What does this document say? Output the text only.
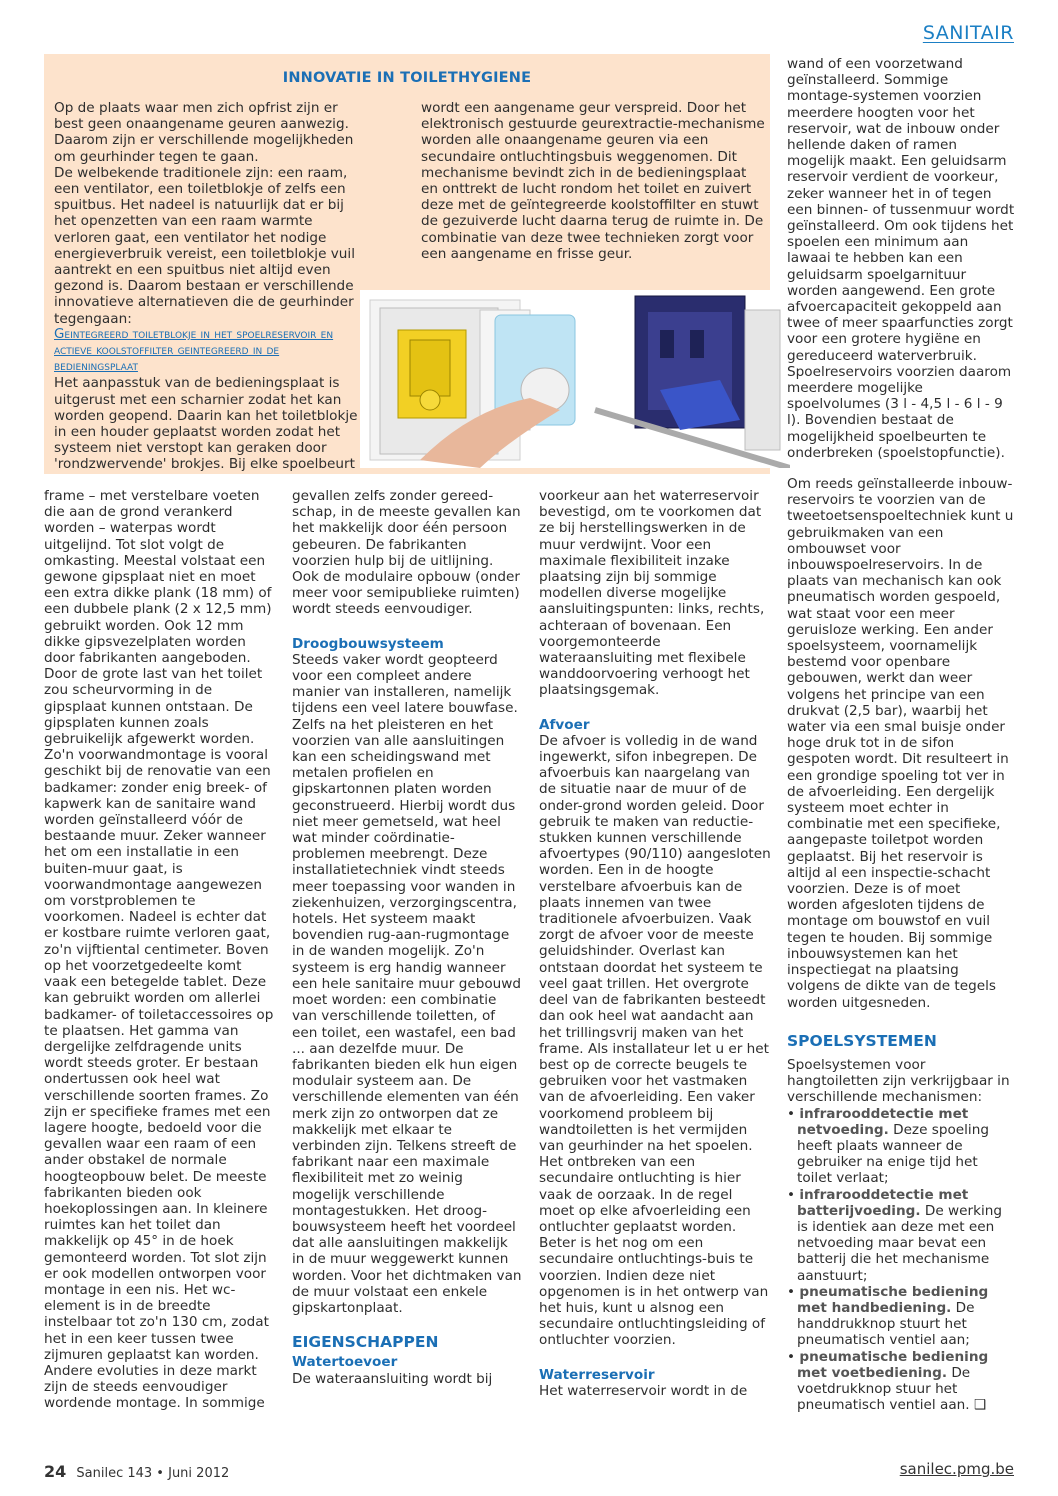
SANITAIR
INNOVATIE IN TOILETHYGIENE

Op de plaats waar men zich opfrist zijn er best geen onaangename geuren aanwezig. Daarom zijn er verschillende mogelijkheden om geurhinder tegen te gaan.

De welbekende traditionele zijn: een raam, een ventilator, een toiletblokje of zelfs een spuitbus. Het nadeel is natuurlijk dat er bij het openzetten van een raam warmte verloren gaat, een ventilator het nodige energieverbruik vereist, een toiletblokje vuil aantrekt en een spuitbus niet altijd even gezond is. Daarom bestaan er verschillende innovatieve alternatieven die de geurhinder tegengaan:

Geintegreerd toiletblokje in het spoelreservoir en actieve koolstoffilter geintegreerd in de bedieningsplaat

Het aanpasstuk van de bedieningsplaat is uitgerust met een scharnier zodat het kan worden geopend. Daarin kan het toiletblokje in een houder geplaatst worden zodat het systeem niet verstopt kan geraken door 'rondzwervende' brokjes. Bij elke spoelbeurt

wordt een aangename geur verspreid. Door het elektronisch gestuurde geurextractie-mechanisme worden alle onaangename geuren via een secundaire ontluchtingsbuis weggenomen. Dit mechanisme bevindt zich in de bedieningsplaat en onttrekt de lucht rondom het toilet en zuivert deze met de geïntegreerde koolstoffilter en stuwt de gezuiverde lucht daarna terug de ruimte in. De combinatie van deze twee technieken zorgt voor een aangename en frisse geur.

wand of een voorzetwand geïnstalleerd. Sommige montage-systemen voorzien meerdere hoogten voor het reservoir, wat de inbouw onder hellende daken of ramen mogelijk maakt. Een geluidsarm reservoir verdient de voorkeur, zeker wanneer het in of tegen een binnen- of tussenmuur wordt geïnstalleerd. Om ook tijdens het spoelen een minimum aan lawaai te hebben kan een geluidsarm spoelgarnituur worden aangewend. Een grote afvoercapaciteit gekoppeld aan twee of meer spaarfuncties zorgt voor een grotere hygiëne en gereduceerd waterverbruik. Spoelreservoirs voorzien daarom meerdere mogelijke spoelvolumes (3 l - 4,5 l - 6 l - 9 l). Bovendien bestaat de mogelijkheid spoelbeurten te onderbreken (spoelstopfunctie).

Om reeds geïnstalleerde inbouw-reservoirs te voorzien van de tweetoetsenspoeltechniek kunt u gebruikmaken van een ombouwset voor inbouwspoelreservoirs. In de plaats van mechanisch kan ook pneumatisch worden gespoeld, wat staat voor een meer geruisloze werking. Een ander spoelsysteem, voornamelijk bestemd voor openbare gebouwen, werkt dan weer volgens het principe van een drukvat (2,5 bar), waarbij het water via een smal buisje onder hoge druk tot in de sifon gespoten wordt. Dit resulteert in een grondige spoeling tot ver in de afvoerleiding. Een dergelijk systeem moet echter in combinatie met een specifieke, aangepaste toiletpot worden geplaatst. Bij het reservoir is altijd al een inspectie-schacht voorzien. Deze is of moet worden afgesloten tijdens de montage om bouwstof en vuil tegen te houden. Bij sommige inbouwsystemen kan het inspectiegat na plaatsing volgens de dikte van de tegels worden uitgesneden.

SPOELSYSTEMEN

Spoelsystemen voor hangtoiletten zijn verkrijgbaar in verschillende mechanismen:

• infrarooddetectie met netvoeding. Deze spoeling heeft plaats wanneer de gebruiker na enige tijd het toilet verlaat;
• infrarooddetectie met batterijvoeding. De werking is identiek aan deze met een netvoeding maar bevat een batterij die het mechanisme aanstuurt;
• pneumatische bediening met handbediening. De handdrukknop stuurt het pneumatisch ventiel aan;
• pneumatische bediening met voetbediening. De voetdrukknop stuur het pneumatisch ventiel aan. ❑

frame – met verstelbare voeten die aan de grond verankerd worden – waterpas wordt uitgelijnd. Tot slot volgt de omkasting. Meestal volstaat een gewone gipsplaat niet en moet een extra dikke plank (18 mm) of een dubbele plank (2 x 12,5 mm) gebruikt worden. Ook 12 mm dikke gipsvezelplaten worden door fabrikanten aangeboden. Door de grote last van het toilet zou scheurvorming in de gipsplaat kunnen ontstaan. De gipsplaten kunnen zoals gebruikelijk afgewerkt worden. Zo'n voorwandmontage is vooral geschikt bij de renovatie van een badkamer: zonder enig breek- of kapwerk kan de sanitaire wand worden geïnstalleerd vóór de bestaande muur. Zeker wanneer het om een installatie in een buiten-muur gaat, is voorwandmontage aangewezen om vorstproblemen te voorkomen. Nadeel is echter dat er kostbare ruimte verloren gaat, zo'n vijftiental centimeter. Boven op het voorzetgedeelte komt vaak een betegelde tablet. Deze kan gebruikt worden om allerlei badkamer- of toiletaccessoires op te plaatsen. Het gamma van dergelijke zelfdragende units wordt steeds groter. Er bestaan ondertussen ook heel wat verschillende soorten frames. Zo zijn er specifieke frames met een lagere hoogte, bedoeld voor die gevallen waar een raam of een ander obstakel de normale hoogteopbouw belet. De meeste fabrikanten bieden ook hoekoplossingen aan. In kleinere ruimtes kan het toilet dan makkelijk op 45° in de hoek gemonteerd worden. Tot slot zijn er ook modellen ontworpen voor montage in een nis. Het wc-element is in de breedte instelbaar tot zo'n 130 cm, zodat het in een keer tussen twee zijmuren geplaatst kan worden. Andere evoluties in deze markt zijn de steeds eenvoudiger wordende montage. In sommige

gevallen zelfs zonder gereed-schap, in de meeste gevallen kan het makkelijk door één persoon gebeuren. De fabrikanten voorzien hulp bij de uitlijning. Ook de modulaire opbouw (onder meer voor semipublieke ruimten) wordt steeds eenvoudiger.

Droogbouwsysteem

Steeds vaker wordt geopteerd voor een compleet andere manier van installeren, namelijk tijdens een veel latere bouwfase. Zelfs na het pleisteren en het voorzien van alle aansluitingen kan een scheidingswand met metalen profielen en gipskartonnen platen worden geconstrueerd. Hierbij wordt dus niet meer gemetseld, wat heel wat minder coördinatie-problemen meebrengt. Deze installatietechniek vindt steeds meer toepassing voor wanden in ziekenhuizen, verzorgingscentra, hotels. Het systeem maakt bovendien rug-aan-rugmontage in de wanden mogelijk. Zo'n systeem is erg handig wanneer een hele sanitaire muur gebouwd moet worden: een combinatie van verschillende toiletten, of een toilet, een wastafel, een bad ... aan dezelfde muur. De fabrikanten bieden elk hun eigen modulair systeem aan. De verschillende elementen van één merk zijn zo ontworpen dat ze makkelijk met elkaar te verbinden zijn. Telkens streeft de fabrikant naar een maximale flexibiliteit met zo weinig mogelijk verschillende montagestukken. Het droog-bouwsysteem heeft het voordeel dat alle aansluitingen makkelijk in de muur weggewerkt kunnen worden. Voor het dichtmaken van de muur volstaat een enkele gipskartonplaat.

EIGENSCHAPPEN

Watertoevoer

De wateraansluiting wordt bij

voorkeur aan het waterreservoir bevestigd, om te voorkomen dat ze bij herstellingswerken in de muur verdwijnt. Voor een maximale flexibiliteit inzake plaatsing zijn bij sommige modellen diverse mogelijke aansluitingspunten: links, rechts, achteraan of bovenaan. Een voorgemonteerde wateraansluiting met flexibele wanddoorvoering verhoogt het plaatsingsgemak.

Afvoer

De afvoer is volledig in de wand ingewerkt, sifon inbegrepen. De afvoerbuis kan naargelang van de situatie naar de muur of de onder-grond worden geleid. Door gebruik te maken van reductie-stukken kunnen verschillende afvoertypes (90/110) aangesloten worden. Een in de hoogte verstelbare afvoerbuis kan de plaats innemen van twee traditionele afvoerbuizen. Vaak zorgt de afvoer voor de meeste geluidshinder. Overlast kan ontstaan doordat het systeem te veel gaat trillen. Het overgrote deel van de fabrikanten besteedt dan ook heel wat aandacht aan het trillingsvrij maken van het frame. Als installateur let u er het best op de correcte beugels te gebruiken voor het vastmaken van de afvoerleiding. Een vaker voorkomend probleem bij wandtoiletten is het vermijden van geurhinder na het spoelen. Het ontbreken van een secundaire ontluchting is hier vaak de oorzaak. In de regel moet op elke afvoerleiding een ontluchter geplaatst worden. Beter is het nog om een secundaire ontluchtings-buis te voorzien. Indien deze niet opgenomen is in het ontwerp van het huis, kunt u alsnog een secundaire ontluchtingsleiding of ontluchter voorzien.

Waterreservoir

Het waterreservoir wordt in de

24 Sanilec 143 • Juni 2012	sanilec.pmg.be
